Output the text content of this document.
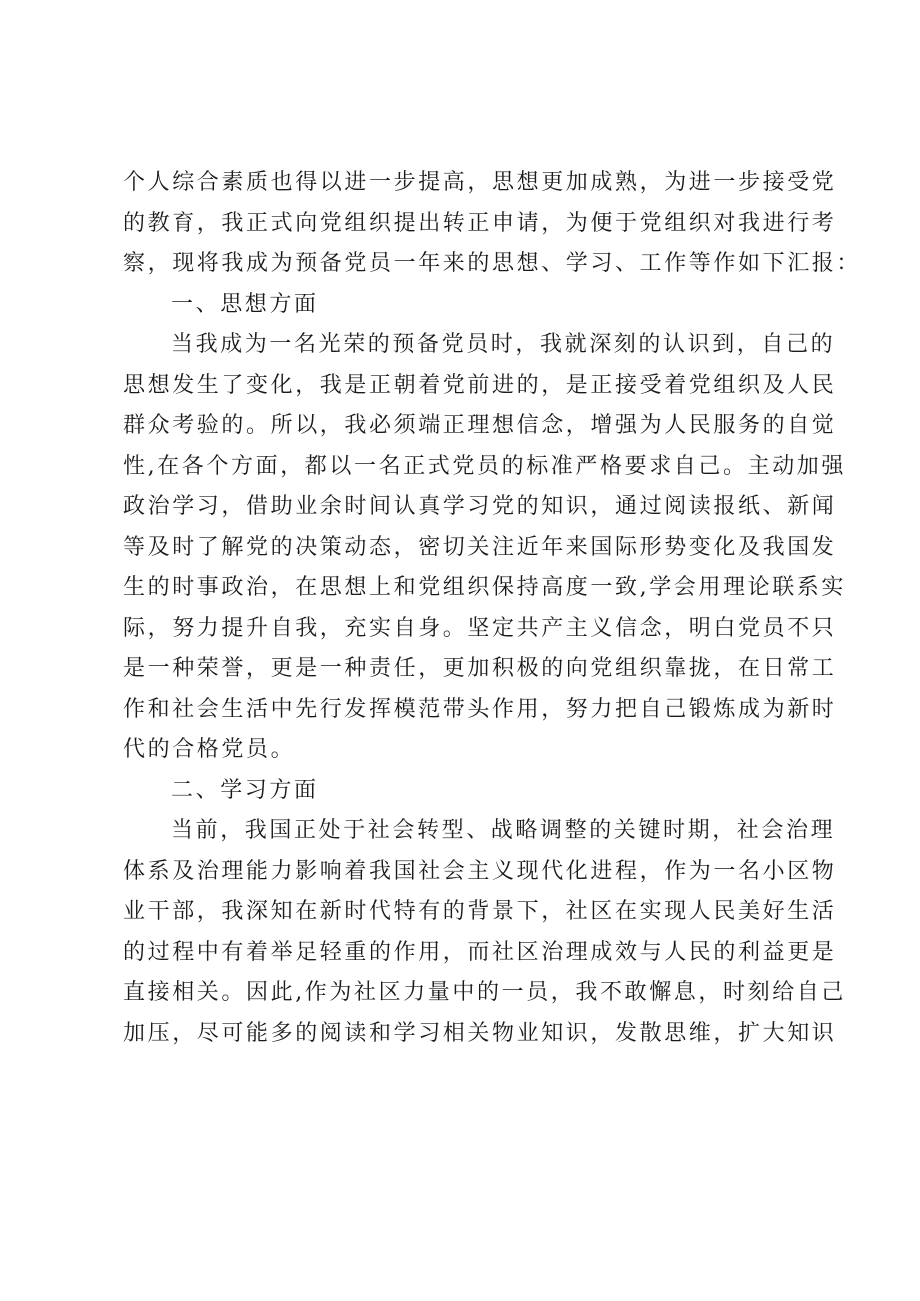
个人综合素质也得以进一步提高，思想更加成熟，为进一步接受党
的教育，我正式向党组织提出转正申请，为便于党组织对我进行考
察，现将我成为预备党员一年来的思想、学习、工作等作如下汇报：
一、思想方面
当我成为一名光荣的预备党员时，我就深刻的认识到，自己的
思想发生了变化，我是正朝着党前进的，是正接受着党组织及人民
群众考验的。所以，我必须端正理想信念，增强为人民服务的自觉
性,在各个方面，都以一名正式党员的标准严格要求自己。主动加强
政治学习，借助业余时间认真学习党的知识，通过阅读报纸、新闻
等及时了解党的决策动态，密切关注近年来国际形势变化及我国发
生的时事政治，在思想上和党组织保持高度一致,学会用理论联系实
际，努力提升自我，充实自身。坚定共产主义信念，明白党员不只
是一种荣誉，更是一种责任，更加积极的向党组织靠拢，在日常工
作和社会生活中先行发挥模范带头作用，努力把自己锻炼成为新时
代的合格党员。
二、学习方面
当前，我国正处于社会转型、战略调整的关键时期，社会治理
体系及治理能力影响着我国社会主义现代化进程，作为一名小区物
业干部，我深知在新时代特有的背景下，社区在实现人民美好生活
的过程中有着举足轻重的作用，而社区治理成效与人民的利益更是
直接相关。因此,作为社区力量中的一员，我不敢懈息，时刻给自己
加压，尽可能多的阅读和学习相关物业知识，发散思维，扩大知识
